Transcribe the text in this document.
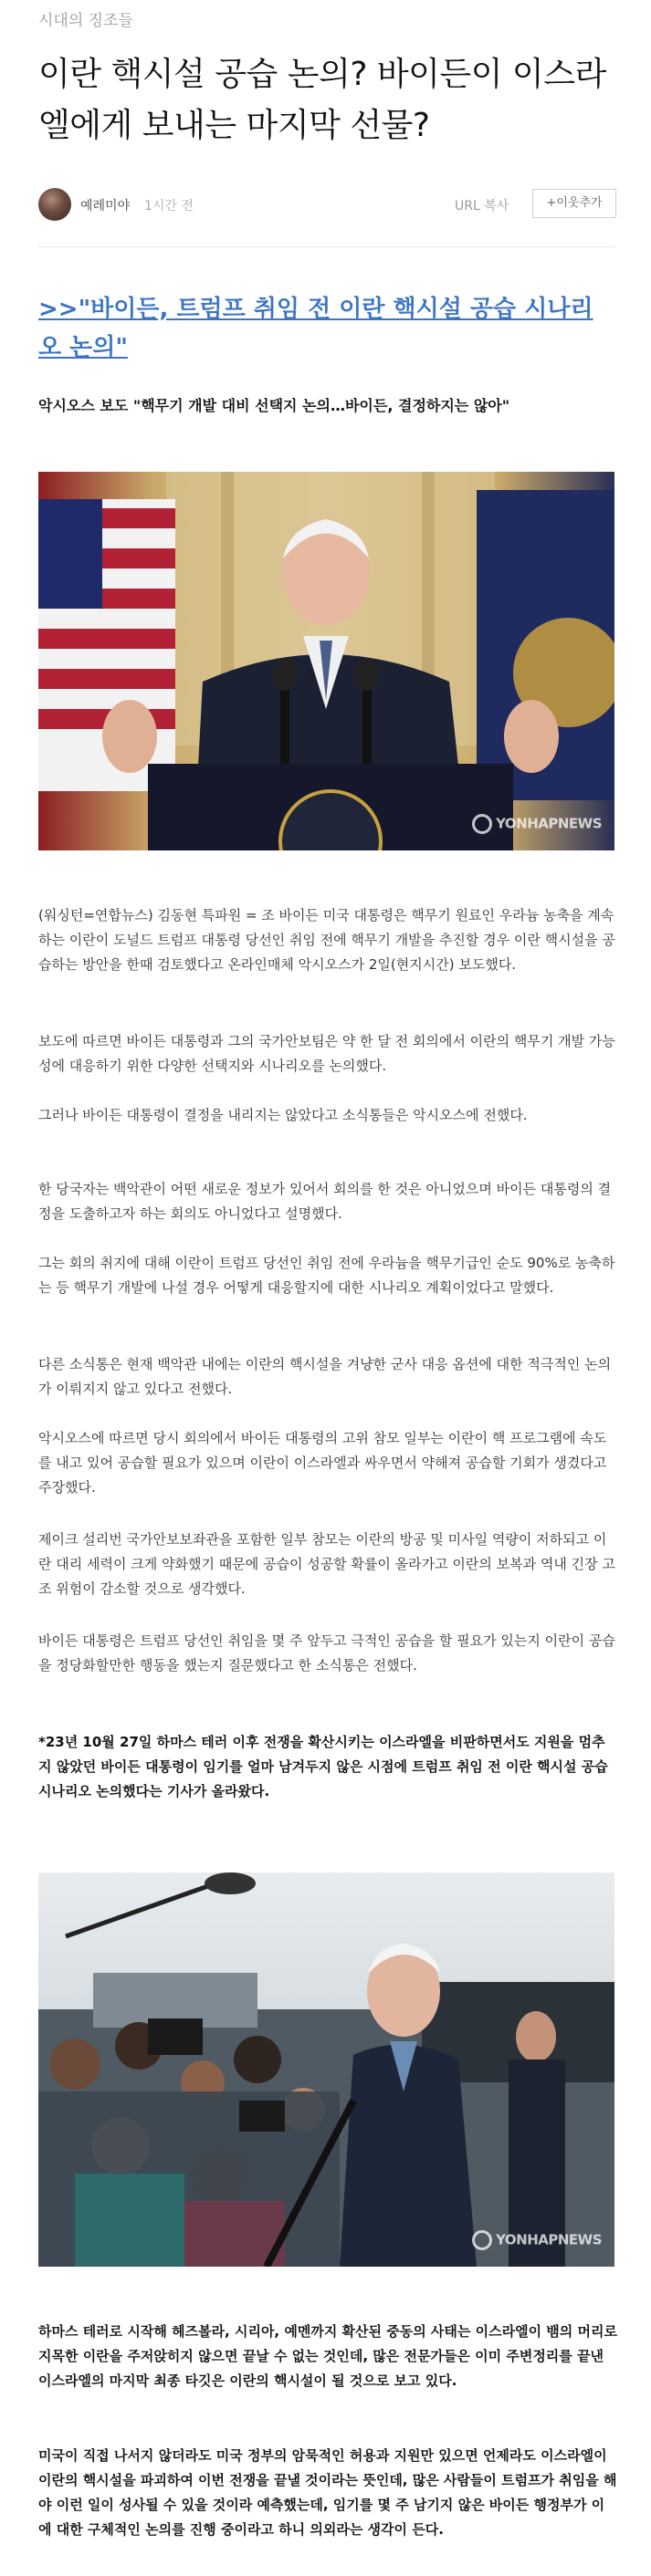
시대의 징조들
이란 핵시설 공습 논의? 바이든이 이스라엘에게 보내는 마지막 선물?
예레미야 1시간 전	URL 복사	+이웃추가
>>"바이든, 트럼프 취임 전 이란 핵시설 공습 시나리오 논의"
악시오스 보도 "핵무기 개발 대비 선택지 논의…바이든, 결정하지는 않아"
YONHAPNEWS

(워싱턴=연합뉴스) 김동현 특파원 = 조 바이든 미국 대통령은 핵무기 원료인 우라늄 농축을 계속하는 이란이 도널드 트럼프 대통령 당선인 취임 전에 핵무기 개발을 추진할 경우 이란 핵시설을 공습하는 방안을 한때 검토했다고 온라인매체 악시오스가 2일(현지시간) 보도했다.

보도에 따르면 바이든 대통령과 그의 국가안보팀은 약 한 달 전 회의에서 이란의 핵무기 개발 가능성에 대응하기 위한 다양한 선택지와 시나리오를 논의했다.

그러나 바이든 대통령이 결정을 내리지는 않았다고 소식통들은 악시오스에 전했다.

한 당국자는 백악관이 어떤 새로운 정보가 있어서 회의를 한 것은 아니었으며 바이든 대통령의 결정을 도출하고자 하는 회의도 아니었다고 설명했다.

그는 회의 취지에 대해 이란이 트럼프 당선인 취임 전에 우라늄을 핵무기급인 순도 90%로 농축하는 등 핵무기 개발에 나설 경우 어떻게 대응할지에 대한 시나리오 계획이었다고 말했다.

다른 소식통은 현재 백악관 내에는 이란의 핵시설을 겨냥한 군사 대응 옵션에 대한 적극적인 논의가 이뤄지지 않고 있다고 전했다.

악시오스에 따르면 당시 회의에서 바이든 대통령의 고위 참모 일부는 이란이 핵 프로그램에 속도를 내고 있어 공습할 필요가 있으며 이란이 이스라엘과 싸우면서 약해져 공습할 기회가 생겼다고 주장했다.

제이크 설리번 국가안보보좌관을 포함한 일부 참모는 이란의 방공 및 미사일 역량이 저하되고 이란 대리 세력이 크게 약화했기 때문에 공습이 성공할 확률이 올라가고 이란의 보복과 역내 긴장 고조 위험이 감소할 것으로 생각했다.

바이든 대통령은 트럼프 당선인 취임을 몇 주 앞두고 극적인 공습을 할 필요가 있는지 이란이 공습을 정당화할만한 행동을 했는지 질문했다고 한 소식통은 전했다.

*23년 10월 27일 하마스 테러 이후 전쟁을 확산시키는 이스라엘을 비판하면서도 지원을 멈추지 않았던 바이든 대통령이 임기를 얼마 남겨두지 않은 시점에 트럼프 취임 전 이란 핵시설 공습 시나리오 논의했다는 기사가 올라왔다.

YONHAPNEWS

하마스 테러로 시작해 헤즈볼라, 시리아, 예멘까지 확산된 중동의 사태는 이스라엘이 뱀의 머리로 지목한 이란을 주저앉히지 않으면 끝날 수 없는 것인데, 많은 전문가들은 이미 주변정리를 끝낸 이스라엘의 마지막 최종 타깃은 이란의 핵시설이 될 것으로 보고 있다.

미국이 직접 나서지 않더라도 미국 정부의 암묵적인 허용과 지원만 있으면 언제라도 이스라엘이 이란의 핵시설을 파괴하여 이번 전쟁을 끝낼 것이라는 뜻인데, 많은 사람들이 트럼프가 취임을 해야 이런 일이 성사될 수 있을 것이라 예측했는데, 임기를 몇 주 남기지 않은 바이든 행정부가 이에 대한 구체적인 논의를 진행 중이라고 하니 의외라는 생각이 든다.
